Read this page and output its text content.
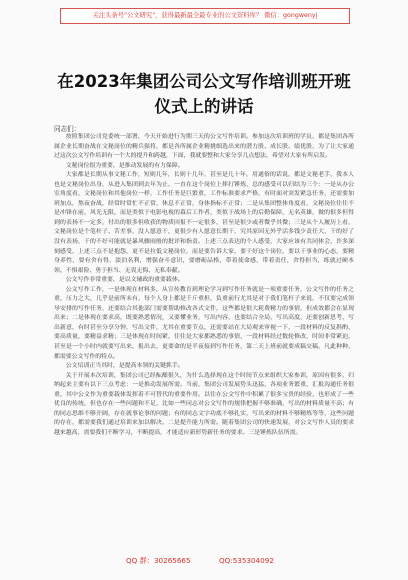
关注头条号"公文研究"，获得最新最全最专业的公文资料库？ 微信：gongwenyj
在2023年集团公司公文写作培训班开班
仪式上的讲话
同志们：

按照集团公司党委统一部署，今天开始进行为期三天的公文写作培训。参加这次培训班的学员，都是集团各所属企业长期奋战在文秘岗位的精兵强将，都是各所属企业精挑细选出来的潜力股、成长股、绩优股，为了让大家通过这次公文写作培训有一个大的提升和跨越，下面，我就要整和大家分享几点想法，希望对大家有所启发。

文秘岗位很为重要，是推动发展的有力保障。

大家都是长期从事文秘工作，短则几年，长则十几年，甚至是几十年，用通俗的话说，都是文秘老手，我本人也是文秘岗位出身，从进入集团到去年为止，一直在这个岗位上摔打锤炼，总的感受可以归结为三个：一是从办公室角度看，文秘岗位和其他岗位一样，工作任务是巨繁重，工作标准要求严格，有时面对突发紧急任务，还需要加班加点，熬夜奋战，经常时常忙不正常，休息不正常，身体指标不正常；二是从集团整体角度看，文秘岗位往往不是冲锋在前，风光无限，而是类似于电影电视的幕后工作者，类似于战场上的后勤保障，无名英雄，做的很多但得到的表扬不一定多，付出的很多但收获的物质回报不一定很多，甚至是很少或者微乎其微；三是从个人履历上看，文秘岗位是个笔杆子、苦差事，没人愿意干，更很少有人愿意长期干，究其原因无外乎活多钱少责任大，干的好了没有表扬，干的不好可能就是暴风骤雨般的批评和指责。上述三点表达的个人感受，大家应该有共同体会，许多深刻感受，上述三点不是抱怨，更不是拉低文秘岗位，而是要告诉大家，要干好这个岗位，要以干事业的心态，要精身养性，要有舍有得，淡泊名利，增强奋斗意识，要磨砺品格，带着使命感，带着责任，舍得担当，练就过硬本领、不惧艰险、勇于担当、无畏无悔、无私奉献。

公文写作非常重要，是以文辅政的重要载体。

公文写作工作，一是体现在材料多，从宣传教育到理论学习到写作任务就是一项重要任务，公文写作的任务之重，压力之大，几乎是前所未有，每个人身上都是千斤重担，负重前行尤其是对于我们笔杆子来说，不仅要完成领导安排的写作任务，还要结合其他部门需要帮助修改各式文件，这些都是很大耗费精力的事情，但成效都会在显现出来；二是体现在要求高，既要熟悉情况，又要懂业务，写出内容，也要结合全局，写出高度，还要创新思考，写出新意，有时甚至分享分钟，写出文件，尤其在重要节点，还需要站在大局观来审视一下，一段材料的反复斟酌，要高质量，要精益求精；三是体现在时间紧，往往是大家都熟悉的事情，一段材料经过数轮修改，时间非常紧迫，甚至是一个小时内就要写出来，报出去，更要命的是半夜接到写作任务，第二天上班前就要成稿交稿，凡此种种，都需要公文写作的特点。

公文培训正当其时，是提高本领的关键抓手。

关于开展本次培训，集团公司已经酝酿很久，为什么选择现在这个时间节点来组织大家参训，原因有很多，归纳起来主要有以下三点考虑：一是推动发展所需。当前，集团公司发展势头迅猛，各项业务繁重，汇报沟通任务很重，其中公文作为重要载体发挥着不可替代的重要作用。以往在公文写作中积累了很多宝贵的经验，也形成了一些优良的传统，但也存在一些问题和不足，比如一些同志对公文写作的规律把握不够准确，写出的材料质量不高；有的同志思维不够开阔，存在就事论事的问题；有的同志文字功底不够扎实，写出来的材料不够精炼等等，这些问题的存在，都需要我们通过培训来加以解决。二是提升能力所需。随着集团公司的快速发展，对公文写作人员的要求越来越高，需要我们不断学习，不断提高，才能适应新形势新任务的要求。三是锤炼队伍所需。

QQ 群：30265665	QQ:535304092
